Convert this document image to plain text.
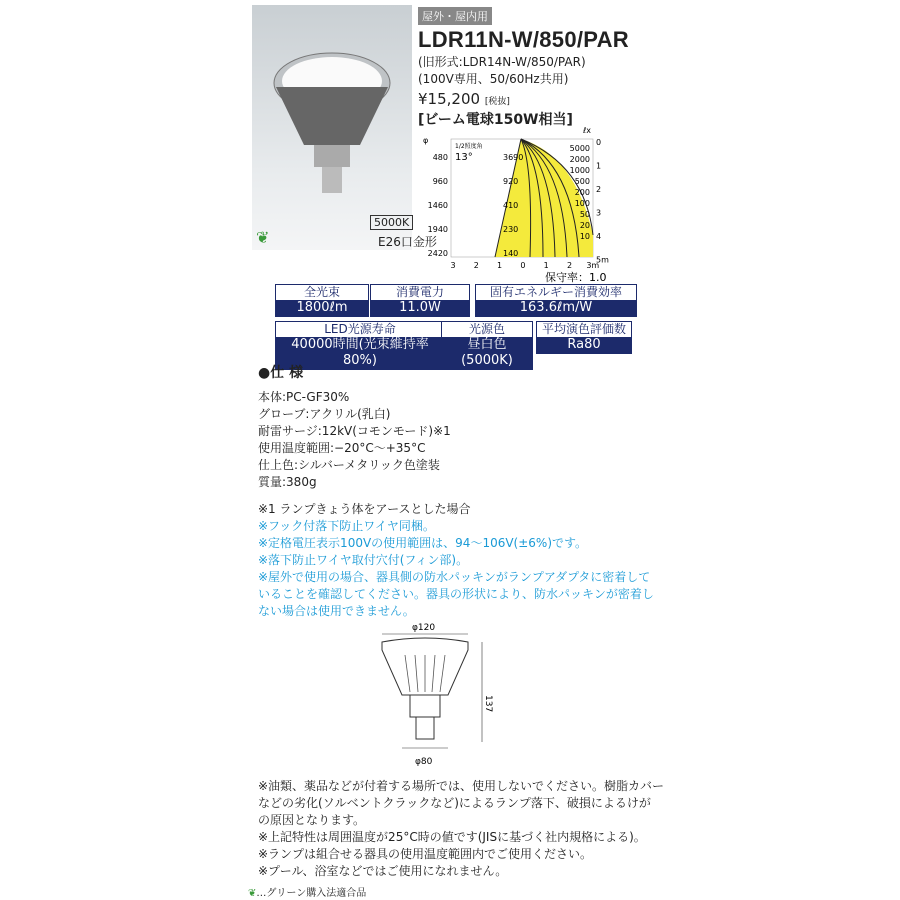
5000K
E26口金形
❦
屋外・屋内用
LDR11N-W/850/PAR
(旧形式:LDR14N-W/850/PAR)
(100V専用、50/60Hz共用)
¥15,200 [税抜]
[ビーム電球150W相当]
ℓx
φ
1/2照度角
13°
480
960
1460
1940
2420
3690
920
410
230
140
5000
2000
1000
500
200
100
50
20
10
0
1
2
3
4
5m
3 2 1 0 1 2 3m
保守率：1.0
全光束
1800ℓm
消費電力
11.0W
固有エネルギー消費効率
163.6ℓm/W
LED光源寿命
40000時間(光束維持率80%)
光源色
昼白色(5000K)
平均演色評価数
Ra80
●仕 様
本体:PC-GF30%
グローブ:アクリル(乳白)
耐雷サージ:12kV(コモンモード)※1
使用温度範囲:−20°C〜+35°C
仕上色:シルバーメタリック色塗装
質量:380g
※1 ランプきょう体をアースとした場合
※フック付落下防止ワイヤ同梱。
※定格電圧表示100Vの使用範囲は、94〜106V(±6%)です。
※落下防止ワイヤ取付穴付(フィン部)。
※屋外で使用の場合、器具側の防水パッキンがランプアダプタに密着して
いることを確認してください。器具の形状により、防水パッキンが密着し
ない場合は使用できません。
φ120
137
φ80
※油類、薬品などが付着する場所では、使用しないでください。樹脂カバー
などの劣化(ソルベントクラックなど)によるランプ落下、破損によるけが
の原因となります。
※上記特性は周囲温度が25°C時の値です(JISに基づく社内規格による)。
※ランプは組合せる器具の使用温度範囲内でご使用ください。
※プール、浴室などではご使用になれません。
❦…グリーン購入法適合品
